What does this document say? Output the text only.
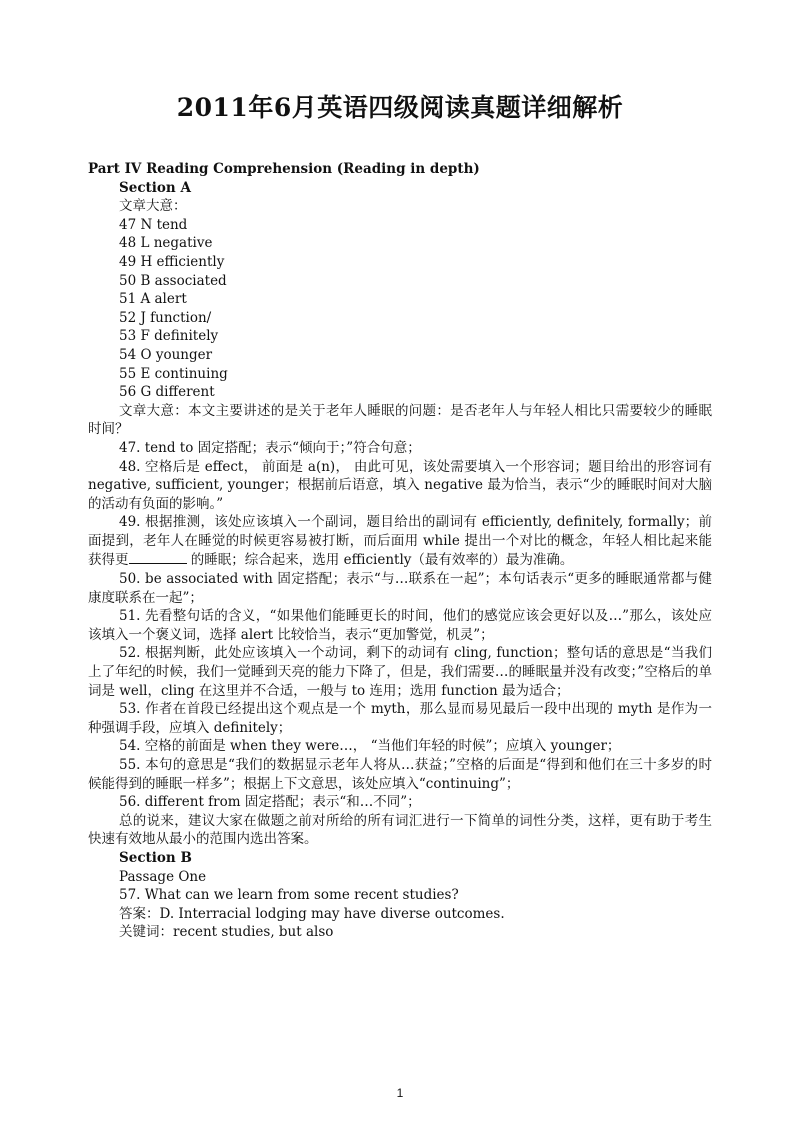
2011年6月英语四级阅读真题详细解析

Part IV Reading Comprehension (Reading in depth)

Section A

文章大意：

47 N tend

48 L negative

49 H efficiently

50 B associated

51 A alert

52 J function/

53 F definitely

54 O younger

55 E continuing

56 G different

文章大意：本文主要讲述的是关于老年人睡眠的问题：是否老年人与年轻人相比只需要较少的睡眠时间？

47. tend to 固定搭配；表示“倾向于；”符合句意；

48. 空格后是 effect， 前面是 a(n)， 由此可见，该处需要填入一个形容词；题目给出的形容词有 negative, sufficient, younger；根据前后语意，填入 negative 最为恰当，表示“少的睡眠时间对大脑的活动有负面的影响。”

49. 根据推测，该处应该填入一个副词，题目给出的副词有 efficiently, definitely, formally；前面提到，老年人在睡觉的时候更容易被打断，而后面用 while 提出一个对比的概念，年轻人相比起来能获得更	的睡眠；综合起来，选用 efficiently（最有效率的）最为准确。

50. be associated with 固定搭配；表示“与…联系在一起”；本句话表示“更多的睡眠通常都与健康度联系在一起”；

51. 先看整句话的含义，“如果他们能睡更长的时间，他们的感觉应该会更好以及…”那么，该处应该填入一个褒义词，选择 alert 比较恰当，表示“更加警觉，机灵”；

52. 根据判断，此处应该填入一个动词，剩下的动词有 cling, function；整句话的意思是“当我们上了年纪的时候，我们一觉睡到天亮的能力下降了，但是，我们需要…的睡眠量并没有改变；”空格后的单词是 well，cling 在这里并不合适，一般与 to 连用；选用 function 最为适合；

53. 作者在首段已经提出这个观点是一个 myth，那么显而易见最后一段中出现的 myth 是作为一种强调手段，应填入 definitely；

54. 空格的前面是 when they were…， “当他们年轻的时候”；应填入 younger；

55. 本句的意思是“我们的数据显示老年人将从…获益；”空格的后面是“得到和他们在三十多岁的时候能得到的睡眠一样多”；根据上下文意思，该处应填入“continuing”；

56. different from 固定搭配；表示“和…不同”；

总的说来，建议大家在做题之前对所给的所有词汇进行一下简单的词性分类，这样，更有助于考生快速有效地从最小的范围内选出答案。

Section B

Passage One

57. What can we learn from some recent studies?

答案：D. Interracial lodging may have diverse outcomes.

关键词：recent studies, but also

1
